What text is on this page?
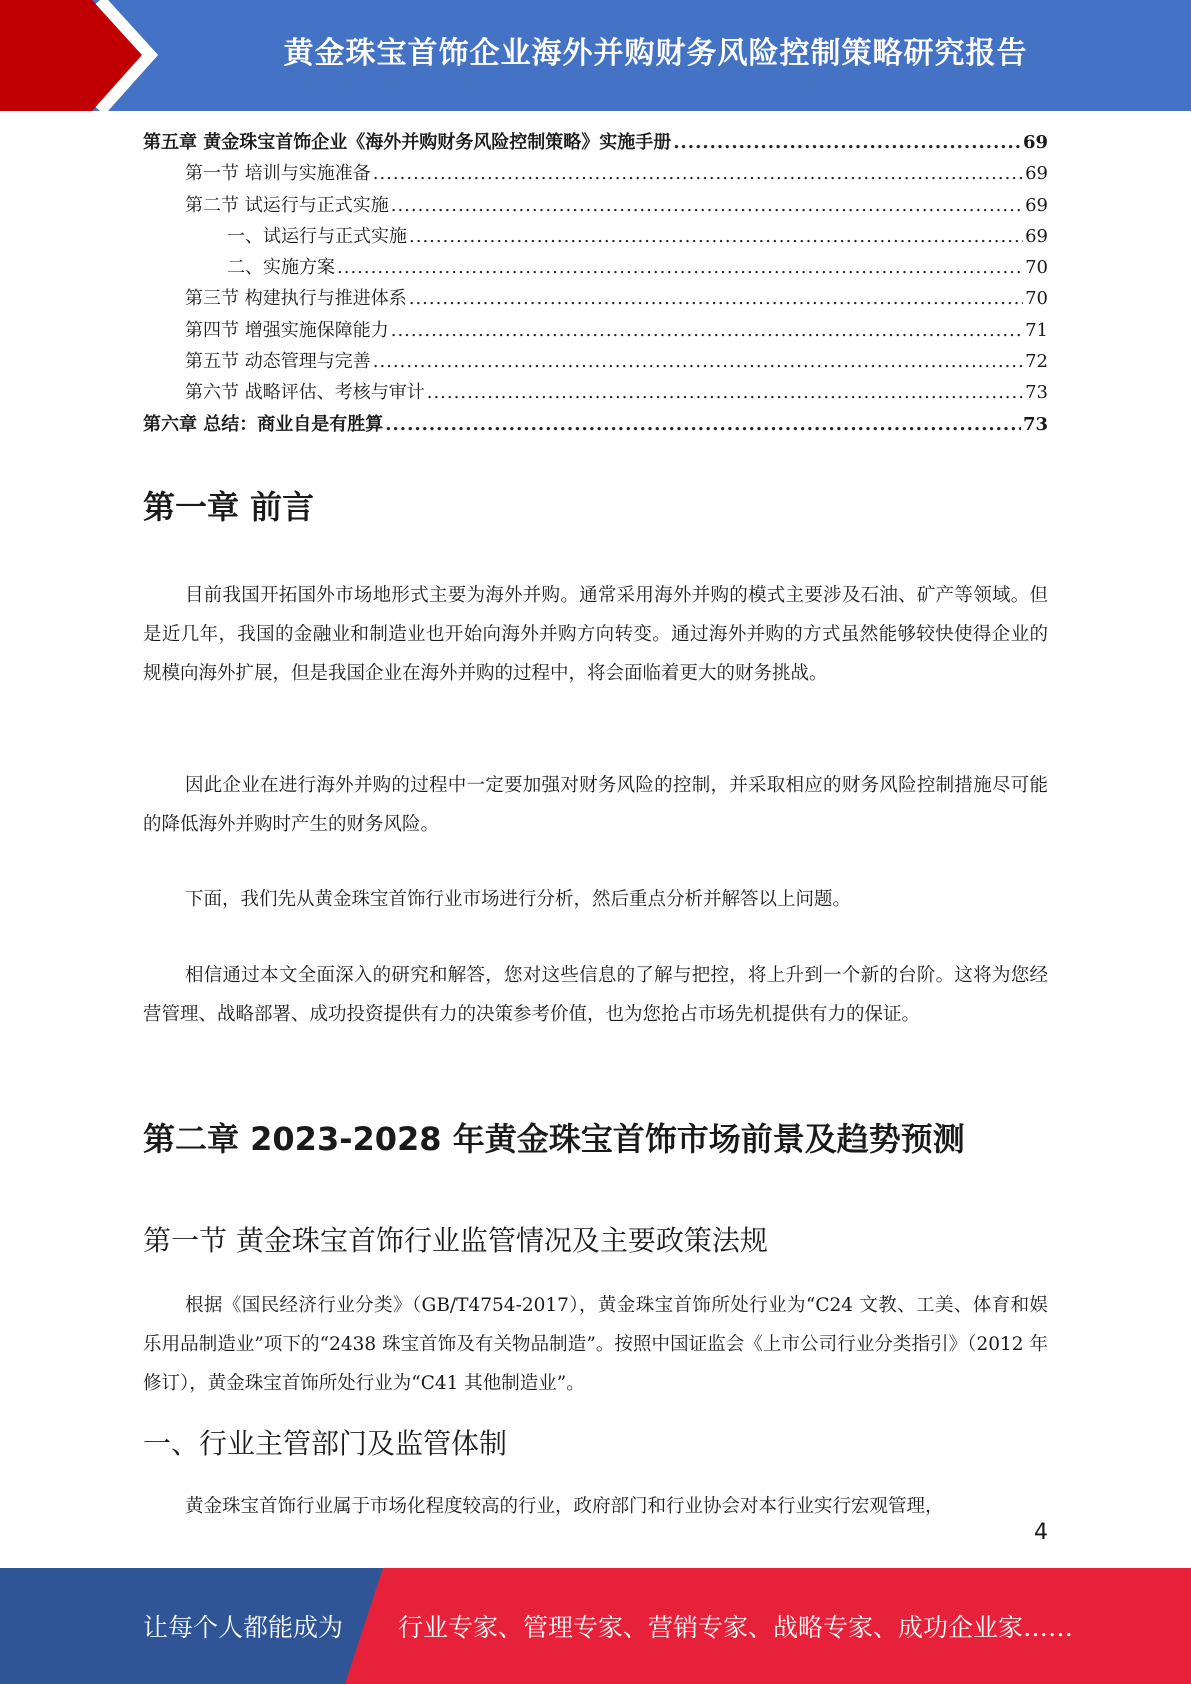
黄金珠宝首饰企业海外并购财务风险控制策略研究报告
第五章 黄金珠宝首饰企业《海外并购财务风险控制策略》实施手册 .....	69
第一节 培训与实施准备 .....	69
第二节 试运行与正式实施 .....	69
一、试运行与正式实施 .....	69
二、实施方案 .....	70
第三节 构建执行与推进体系 .....	70
第四节 增强实施保障能力 .....	71
第五节 动态管理与完善 .....	72
第六节 战略评估、考核与审计 .....	73
第六章 总结：商业自是有胜算 .....	73
第一章 前言

目前我国开拓国外市场地形式主要为海外并购。通常采用海外并购的模式主要涉及石油、矿产等领域。但是近几年，我国的金融业和制造业也开始向海外并购方向转变。通过海外并购的方式虽然能够较快使得企业的规模向海外扩展，但是我国企业在海外并购的过程中，将会面临着更大的财务挑战。

因此企业在进行海外并购的过程中一定要加强对财务风险的控制，并采取相应的财务风险控制措施尽可能的降低海外并购时产生的财务风险。

下面，我们先从黄金珠宝首饰行业市场进行分析，然后重点分析并解答以上问题。

相信通过本文全面深入的研究和解答，您对这些信息的了解与把控，将上升到一个新的台阶。这将为您经营管理、战略部署、成功投资提供有力的决策参考价值，也为您抢占市场先机提供有力的保证。

第二章 2023-2028 年黄金珠宝首饰市场前景及趋势预测
第一节 黄金珠宝首饰行业监管情况及主要政策法规

根据《国民经济行业分类》（GB/T4754-2017），黄金珠宝首饰所处行业为“C24 文教、工美、体育和娱乐用品制造业”项下的“2438 珠宝首饰及有关物品制造”。按照中国证监会《上市公司行业分类指引》（2012 年修订），黄金珠宝首饰所处行业为“C41 其他制造业”。

一、行业主管部门及监管体制

黄金珠宝首饰行业属于市场化程度较高的行业，政府部门和行业协会对本行业实行宏观管理，

4
让每个人都能成为 行业专家、管理专家、营销专家、战略专家、成功企业家……
